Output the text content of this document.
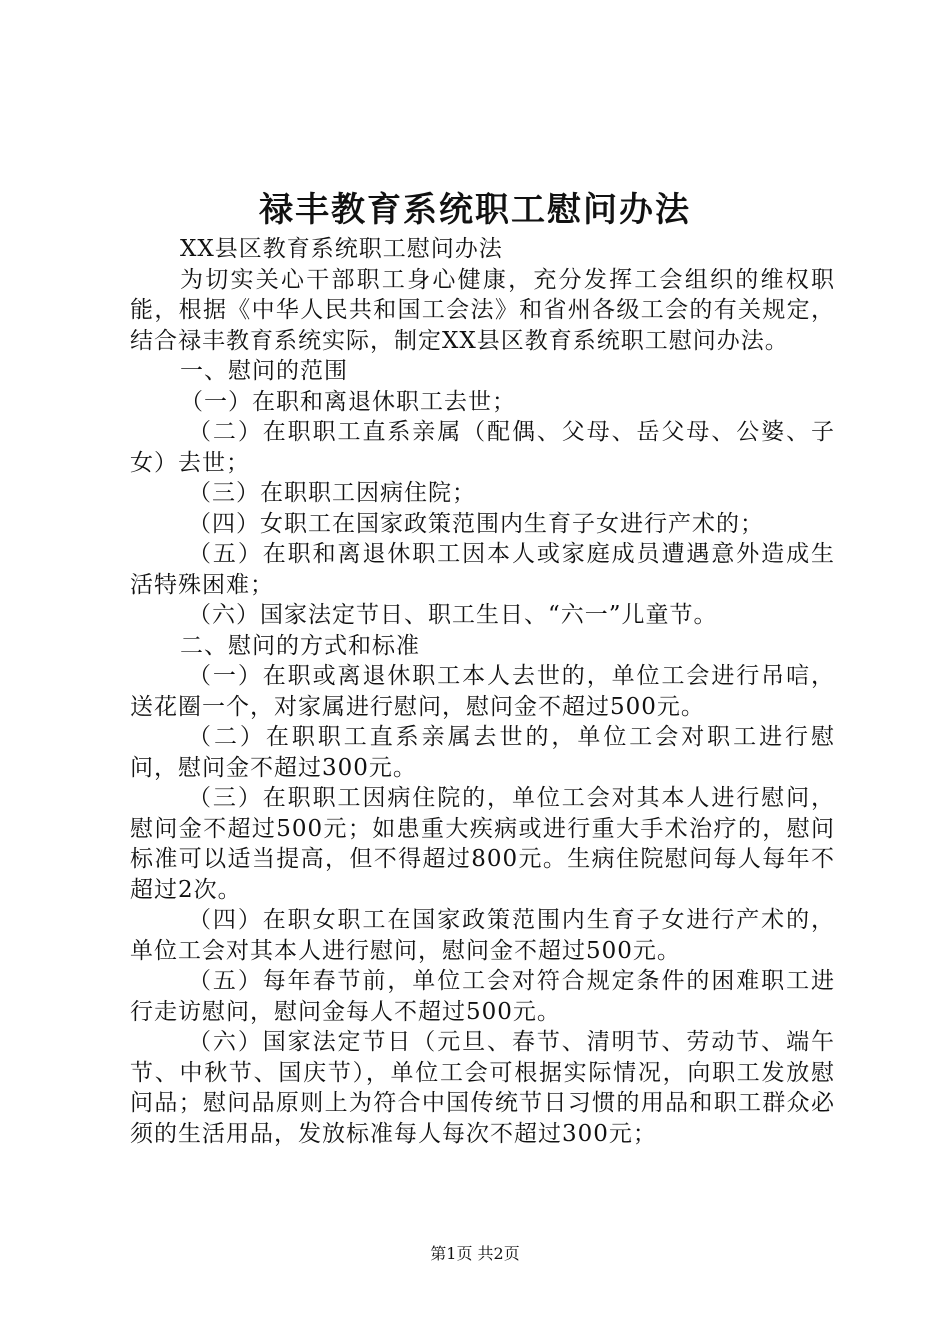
禄丰教育系统职工慰问办法

XX县区教育系统职工慰问办法

为切实关心干部职工身心健康，充分发挥工会组织的维权职能，根据《中华人民共和国工会法》和省州各级工会的有关规定，结合禄丰教育系统实际，制定XX县区教育系统职工慰问办法。

一、慰问的范围

（一）在职和离退休职工去世；

（二）在职职工直系亲属（配偶、父母、岳父母、公婆、子女）去世；

（三）在职职工因病住院；

（四）女职工在国家政策范围内生育子女进行产术的；

（五）在职和离退休职工因本人或家庭成员遭遇意外造成生活特殊困难；

（六）国家法定节日、职工生日、“六一”儿童节。

二、慰问的方式和标准

（一）在职或离退休职工本人去世的，单位工会进行吊唁，送花圈一个，对家属进行慰问，慰问金不超过500元。

（二）在职职工直系亲属去世的，单位工会对职工进行慰问，慰问金不超过300元。

（三）在职职工因病住院的，单位工会对其本人进行慰问，慰问金不超过500元；如患重大疾病或进行重大手术治疗的，慰问标准可以适当提高，但不得超过800元。生病住院慰问每人每年不超过2次。

（四）在职女职工在国家政策范围内生育子女进行产术的，单位工会对其本人进行慰问，慰问金不超过500元。

（五）每年春节前，单位工会对符合规定条件的困难职工进行走访慰问，慰问金每人不超过500元。

（六）国家法定节日（元旦、春节、清明节、劳动节、端午节、中秋节、国庆节），单位工会可根据实际情况，向职工发放慰问品；慰问品原则上为符合中国传统节日习惯的用品和职工群众必须的生活用品，发放标准每人每次不超过300元；

第1页 共2页
